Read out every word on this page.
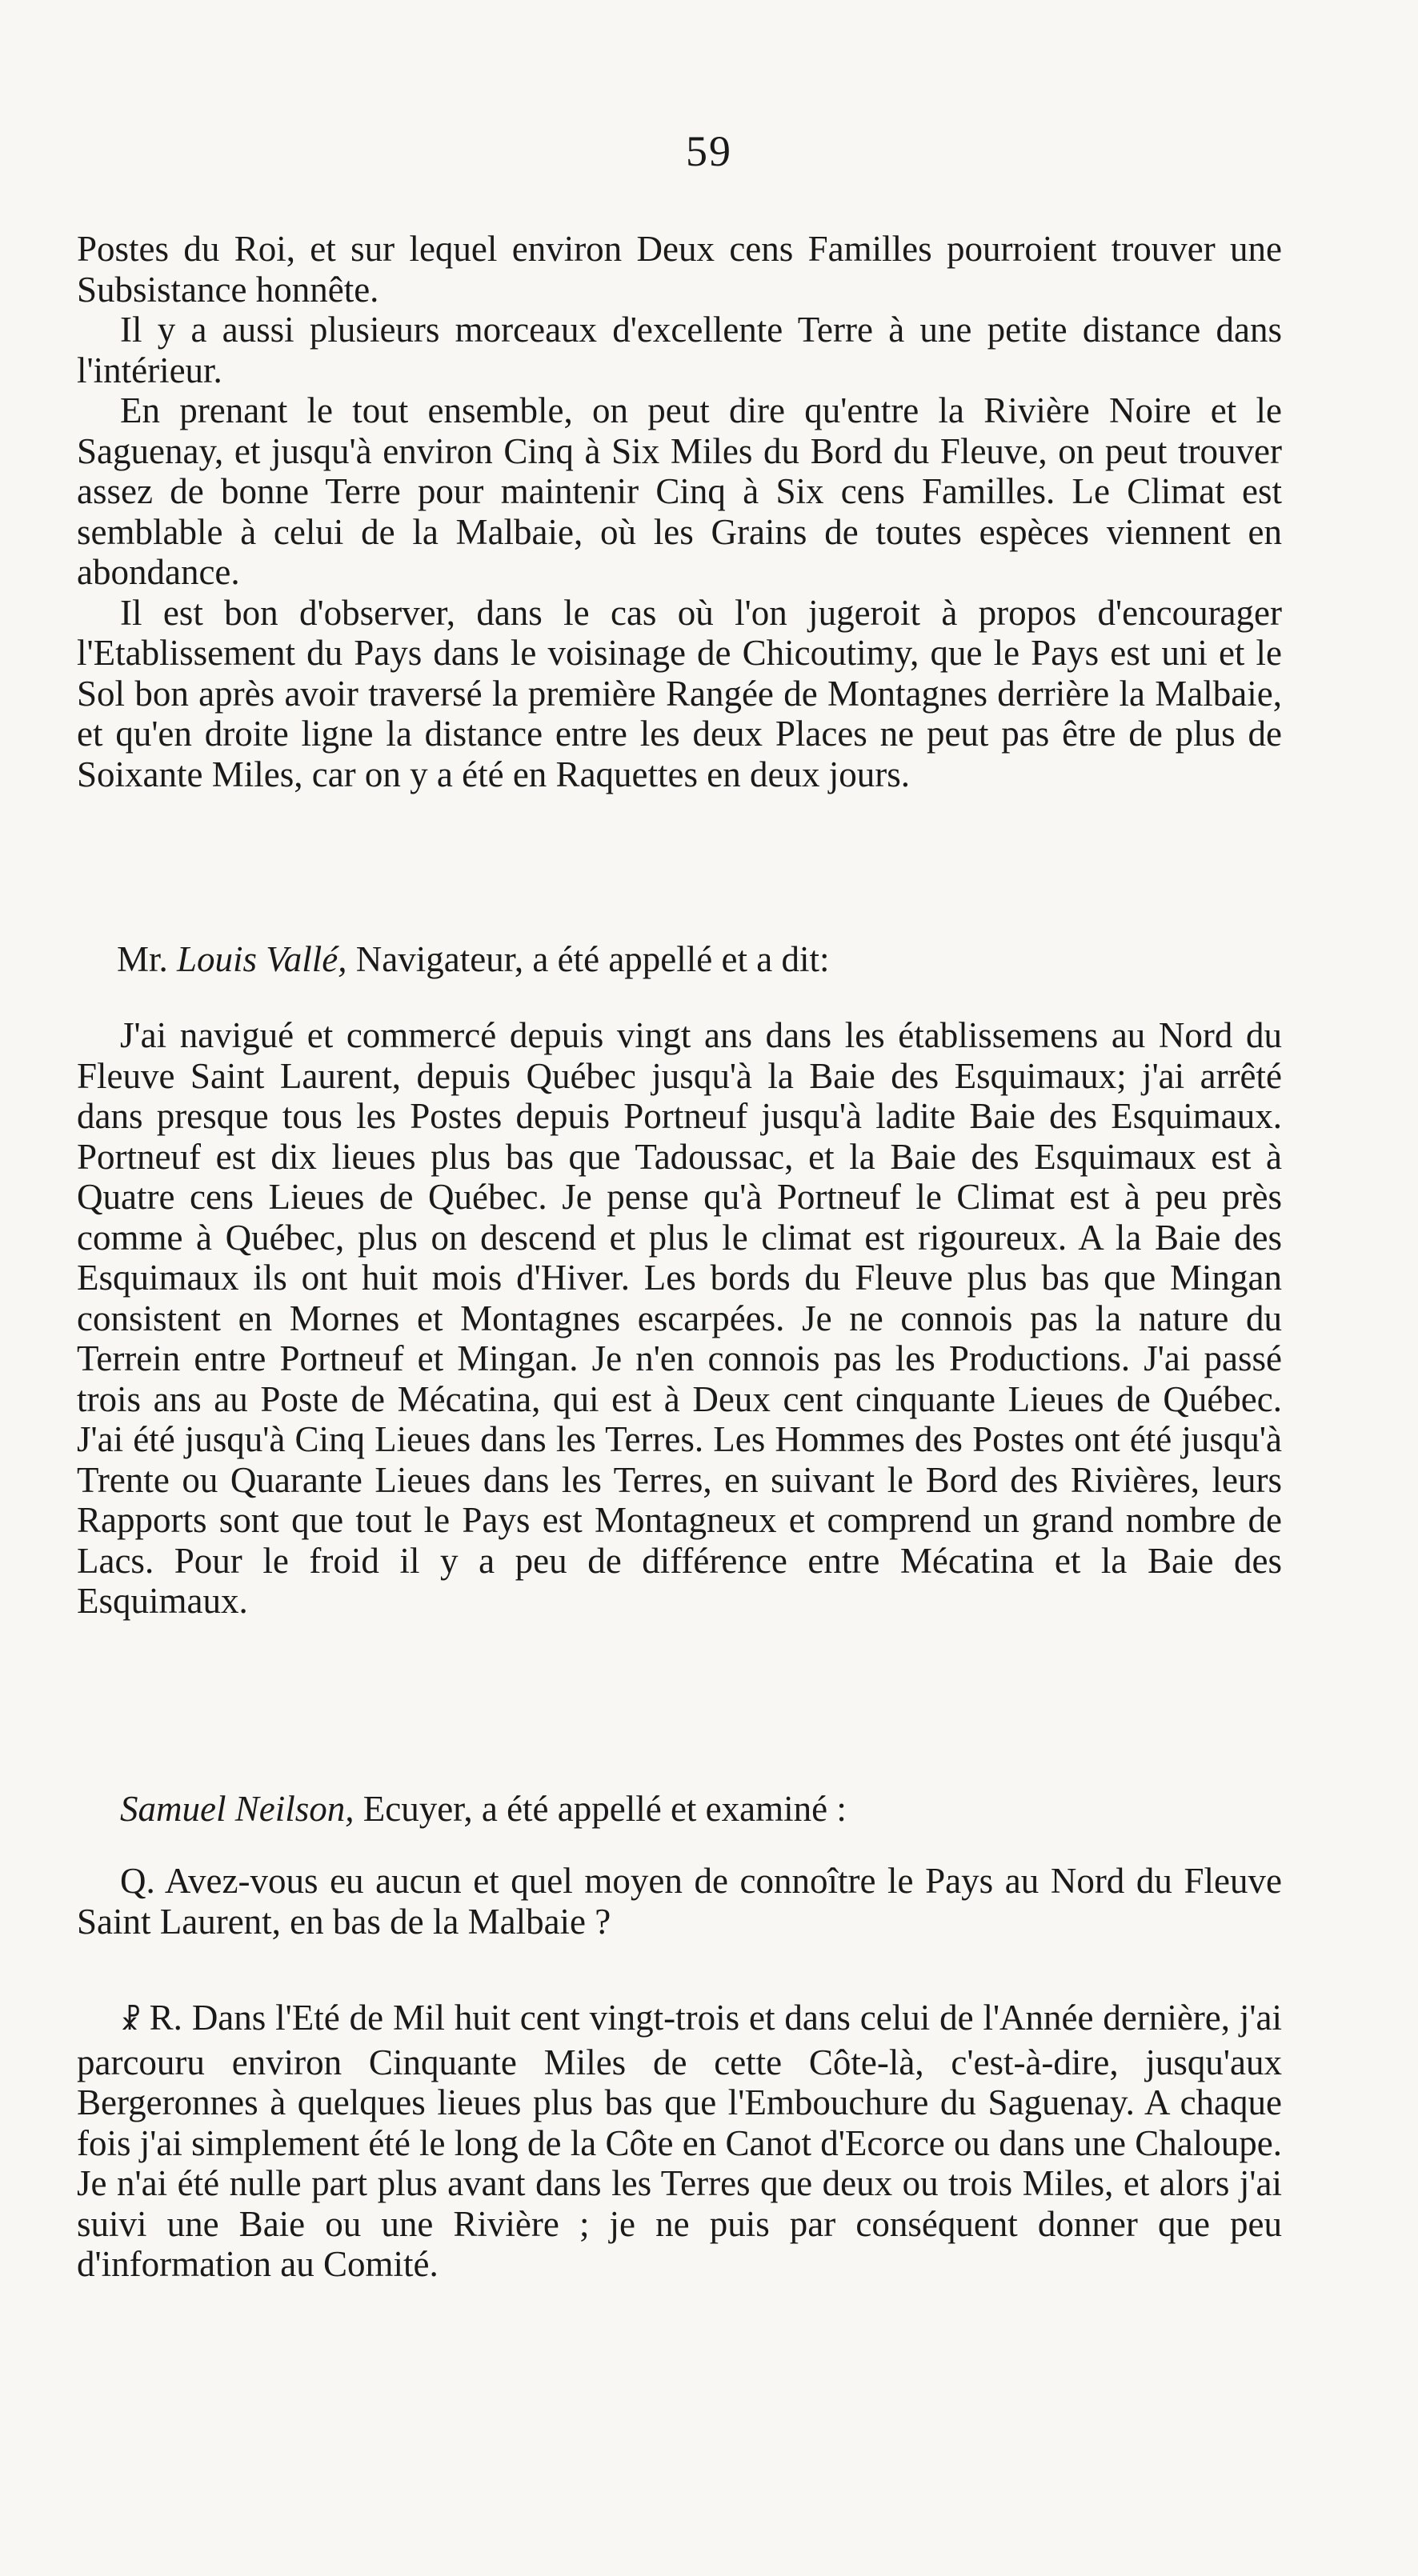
59

Postes du Roi, et sur lequel environ Deux cens Familles pourroient trouver une Subsistance honnête.

Il y a aussi plusieurs morceaux d'excellente Terre à une petite distance dans l'intérieur.

En prenant le tout ensemble, on peut dire qu'entre la Rivière Noire et le Saguenay, et jusqu'à environ Cinq à Six Miles du Bord du Fleuve, on peut trouver assez de bonne Terre pour maintenir Cinq à Six cens Familles. Le Climat est semblable à celui de la Malbaie, où les Grains de toutes espèces viennent en abondance.

Il est bon d'observer, dans le cas où l'on jugeroit à propos d'encourager l'Etablissement du Pays dans le voisinage de Chicoutimy, que le Pays est uni et le Sol bon après avoir traversé la première Rangée de Montagnes derrière la Malbaie, et qu'en droite ligne la distance entre les deux Places ne peut pas être de plus de Soixante Miles, car on y a été en Raquettes en deux jours.

Mr. Louis Vallé, Navigateur, a été appellé et a dit:

J'ai navigué et commercé depuis vingt ans dans les établissemens au Nord du Fleuve Saint Laurent, depuis Québec jusqu'à la Baie des Esquimaux; j'ai arrêté dans presque tous les Postes depuis Portneuf jusqu'à ladite Baie des Esquimaux. Portneuf est dix lieues plus bas que Tadoussac, et la Baie des Esquimaux est à Quatre cens Lieues de Québec. Je pense qu'à Portneuf le Climat est à peu près comme à Québec, plus on descend et plus le climat est rigoureux. A la Baie des Esquimaux ils ont huit mois d'Hiver. Les bords du Fleuve plus bas que Mingan consistent en Mornes et Montagnes escarpées. Je ne connois pas la nature du Terrein entre Portneuf et Mingan. Je n'en connois pas les Productions. J'ai passé trois ans au Poste de Mécatina, qui est à Deux cent cinquante Lieues de Québec. J'ai été jusqu'à Cinq Lieues dans les Terres. Les Hommes des Postes ont été jusqu'à Trente ou Quarante Lieues dans les Terres, en suivant le Bord des Rivières, leurs Rapports sont que tout le Pays est Montagneux et comprend un grand nombre de Lacs. Pour le froid il y a peu de différence entre Mécatina et la Baie des Esquimaux.

Samuel Neilson, Ecuyer, a été appellé et examiné :

Q. Avez-vous eu aucun et quel moyen de connoître le Pays au Nord du Fleuve Saint Laurent, en bas de la Malbaie ?

☧ R. Dans l'Eté de Mil huit cent vingt-trois et dans celui de l'Année dernière, j'ai parcouru environ Cinquante Miles de cette Côte-là, c'est-à-dire, jusqu'aux Bergeronnes à quelques lieues plus bas que l'Embouchure du Saguenay. A chaque fois j'ai simplement été le long de la Côte en Canot d'Ecorce ou dans une Chaloupe. Je n'ai été nulle part plus avant dans les Terres que deux ou trois Miles, et alors j'ai suivi une Baie ou une Rivière ; je ne puis par conséquent donner que peu d'information au Comité.
